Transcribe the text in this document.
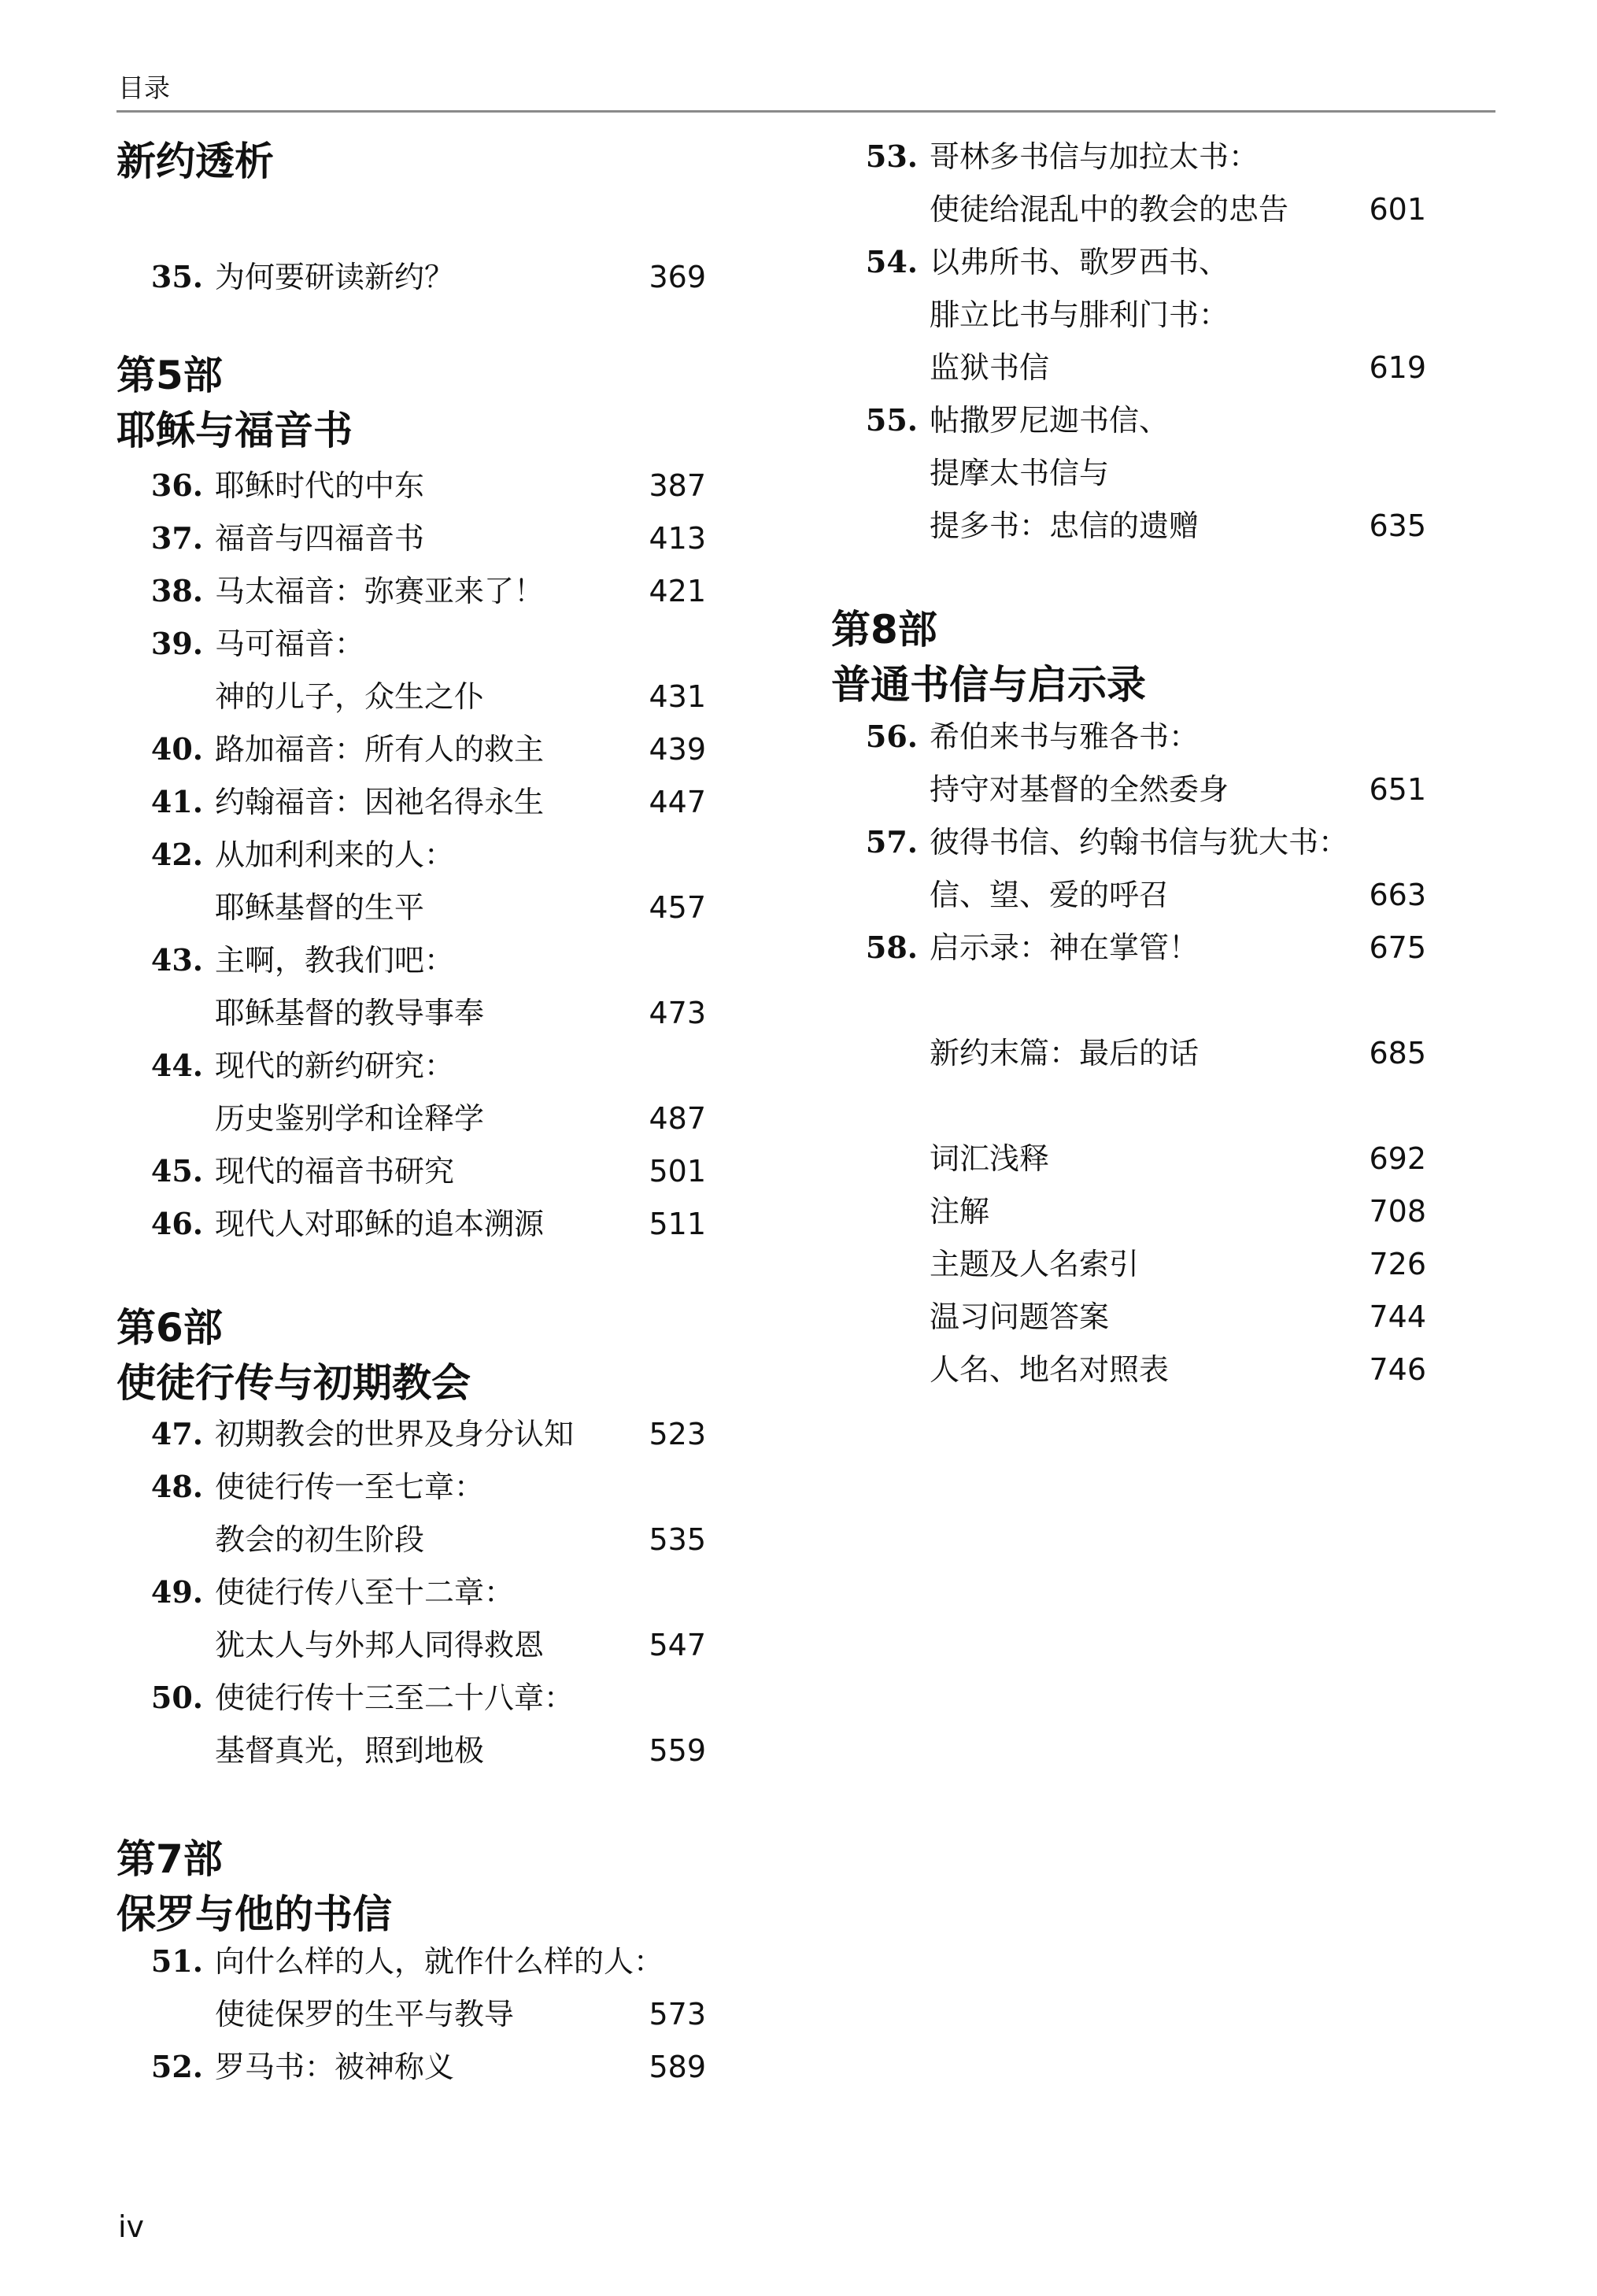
目录
新约透析
第5部
耶稣与福音书
第6部
使徒行传与初期教会
第7部
保罗与他的书信
第8部
普通书信与启示录
35. 为何要研读新约？	369
36. 耶稣时代的中东	387
37. 福音与四福音书	413
38. 马太福音：弥赛亚来了！	421
39. 马可福音：
神的儿子，众生之仆	431
40. 路加福音：所有人的救主	439
41. 约翰福音：因祂名得永生	447
42. 从加利利来的人：
耶稣基督的生平	457
43. 主啊，教我们吧：
耶稣基督的教导事奉	473
44. 现代的新约研究：
历史鉴别学和诠释学	487
45. 现代的福音书研究	501
46. 现代人对耶稣的追本溯源	511
47. 初期教会的世界及身分认知	523
48. 使徒行传一至七章：
教会的初生阶段	535
49. 使徒行传八至十二章：
犹太人与外邦人同得救恩	547
50. 使徒行传十三至二十八章：
基督真光，照到地极	559
51. 向什么样的人，就作什么样的人：
使徒保罗的生平与教导	573
52. 罗马书：被神称义	589
53. 哥林多书信与加拉太书：
使徒给混乱中的教会的忠告	601
54. 以弗所书、歌罗西书、
腓立比书与腓利门书：
监狱书信	619
55. 帖撒罗尼迦书信、
提摩太书信与
提多书：忠信的遗赠	635
56. 希伯来书与雅各书：
持守对基督的全然委身	651
57. 彼得书信、约翰书信与犹大书：
信、望、爱的呼召	663
58. 启示录：神在掌管！	675
新约末篇：最后的话	685
词汇浅释	692
注解	708
主题及人名索引	726
温习问题答案	744
人名、地名对照表	746
iv
